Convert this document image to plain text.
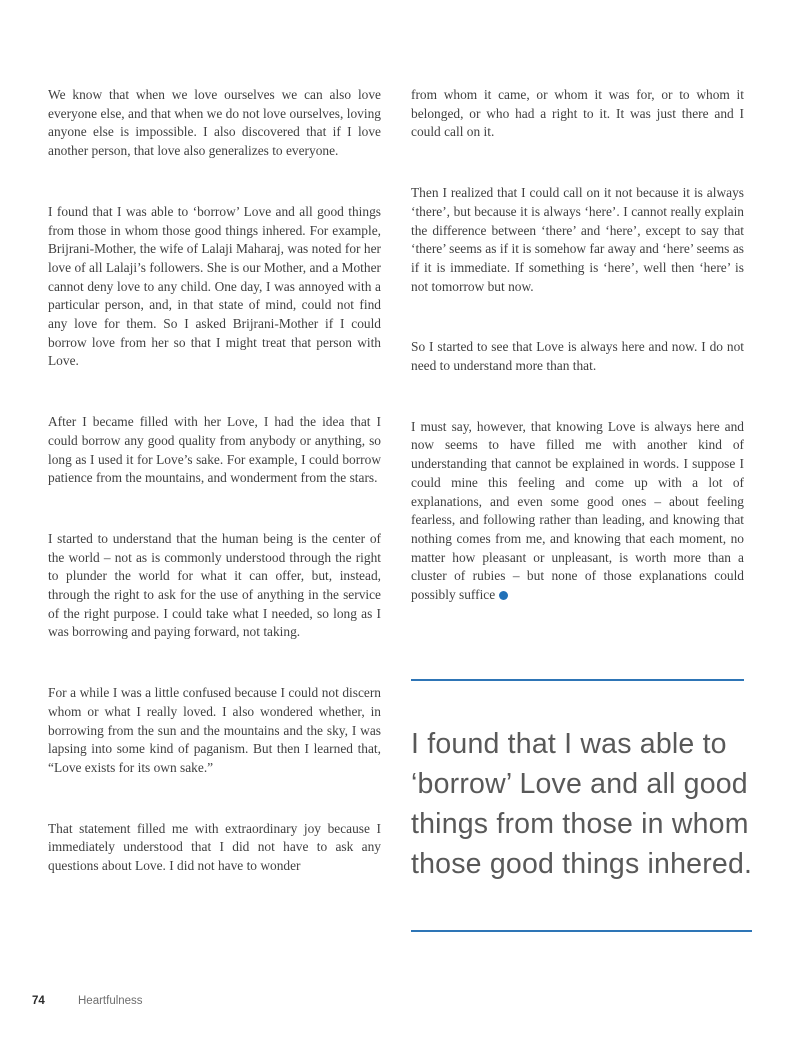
We know that when we love ourselves we can also love everyone else, and that when we do not love ourselves, loving anyone else is impossible. I also discovered that if I love another person, that love also generalizes to everyone.

I found that I was able to ‘borrow’ Love and all good things from those in whom those good things inhered. For example, Brijrani-Mother, the wife of Lalaji Maharaj, was noted for her love of all Lalaji’s followers. She is our Mother, and a Mother cannot deny love to any child. One day, I was annoyed with a particular person, and, in that state of mind, could not find any love for them. So I asked Brijrani-Mother if I could borrow love from her so that I might treat that person with Love.

After I became filled with her Love, I had the idea that I could borrow any good quality from anybody or anything, so long as I used it for Love’s sake. For example, I could borrow patience from the mountains, and wonderment from the stars.

I started to understand that the human being is the center of the world – not as is commonly understood through the right to plunder the world for what it can offer, but, instead, through the right to ask for the use of anything in the service of the right purpose. I could take what I needed, so long as I was borrowing and paying forward, not taking.

For a while I was a little confused because I could not discern whom or what I really loved. I also wondered whether, in borrowing from the sun and the mountains and the sky, I was lapsing into some kind of paganism. But then I learned that, “Love exists for its own sake.”

That statement filled me with extraordinary joy because I immediately understood that I did not have to ask any questions about Love. I did not have to wonder

from whom it came, or whom it was for, or to whom it belonged, or who had a right to it. It was just there and I could call on it.

Then I realized that I could call on it not because it is always ‘there’, but because it is always ‘here’. I cannot really explain the difference between ‘there’ and ‘here’, except to say that ‘there’ seems as if it is somehow far away and ‘here’ seems as if it is immediate. If something is ‘here’, well then ‘here’ is not tomorrow but now.

So I started to see that Love is always here and now. I do not need to understand more than that.

I must say, however, that knowing Love is always here and now seems to have filled me with another kind of understanding that cannot be explained in words. I suppose I could mine this feeling and come up with a lot of explanations, and even some good ones – about feeling fearless, and following rather than leading, and knowing that nothing comes from me, and knowing that each moment, no matter how pleasant or unpleasant, is worth more than a cluster of rubies – but none of those explanations could possibly suffice

I found that I was able to ‘borrow’ Love and all good things from those in whom those good things inhered.
74	Heartfulness
